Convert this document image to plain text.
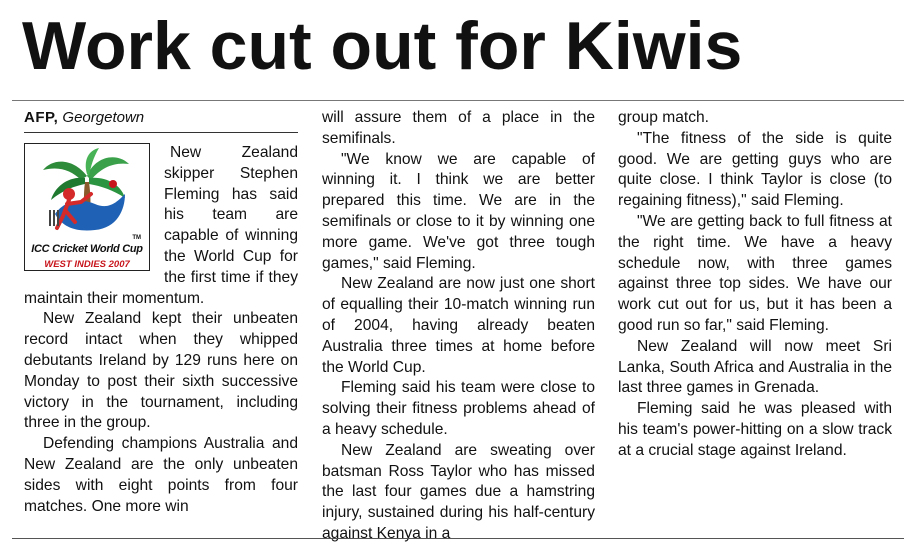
Work cut out for Kiwis
AFP, Georgetown
TM
ICC Cricket World Cup
WEST INDIES 2007

New Zealand skipper Stephen Fleming has said his team are capable of winning the World Cup for the first time if they maintain their momentum.

New Zealand kept their unbeaten record intact when they whipped debutants Ireland by 129 runs here on Monday to post their sixth successive victory in the tournament, including three in the group.

Defending champions Australia and New Zealand are the only unbeaten sides with eight points from four matches. One more win

will assure them of a place in the semifinals.

"We know we are capable of winning it. I think we are better prepared this time. We are in the semifinals or close to it by winning one more game. We've got three tough games," said Fleming.

New Zealand are now just one short of equalling their 10-match winning run of 2004, having already beaten Australia three times at home before the World Cup.

Fleming said his team were close to solving their fitness problems ahead of a heavy schedule.

New Zealand are sweating over batsman Ross Taylor who has missed the last four games due a hamstring injury, sustained during his half-century against Kenya in a

group match.

"The fitness of the side is quite good. We are getting guys who are quite close. I think Taylor is close (to regaining fitness)," said Fleming.

"We are getting back to full fitness at the right time. We have a heavy schedule now, with three games against three top sides. We have our work cut out for us, but it has been a good run so far," said Fleming.

New Zealand will now meet Sri Lanka, South Africa and Australia in the last three games in Grenada.

Fleming said he was pleased with his team's power-hitting on a slow track at a crucial stage against Ireland.
